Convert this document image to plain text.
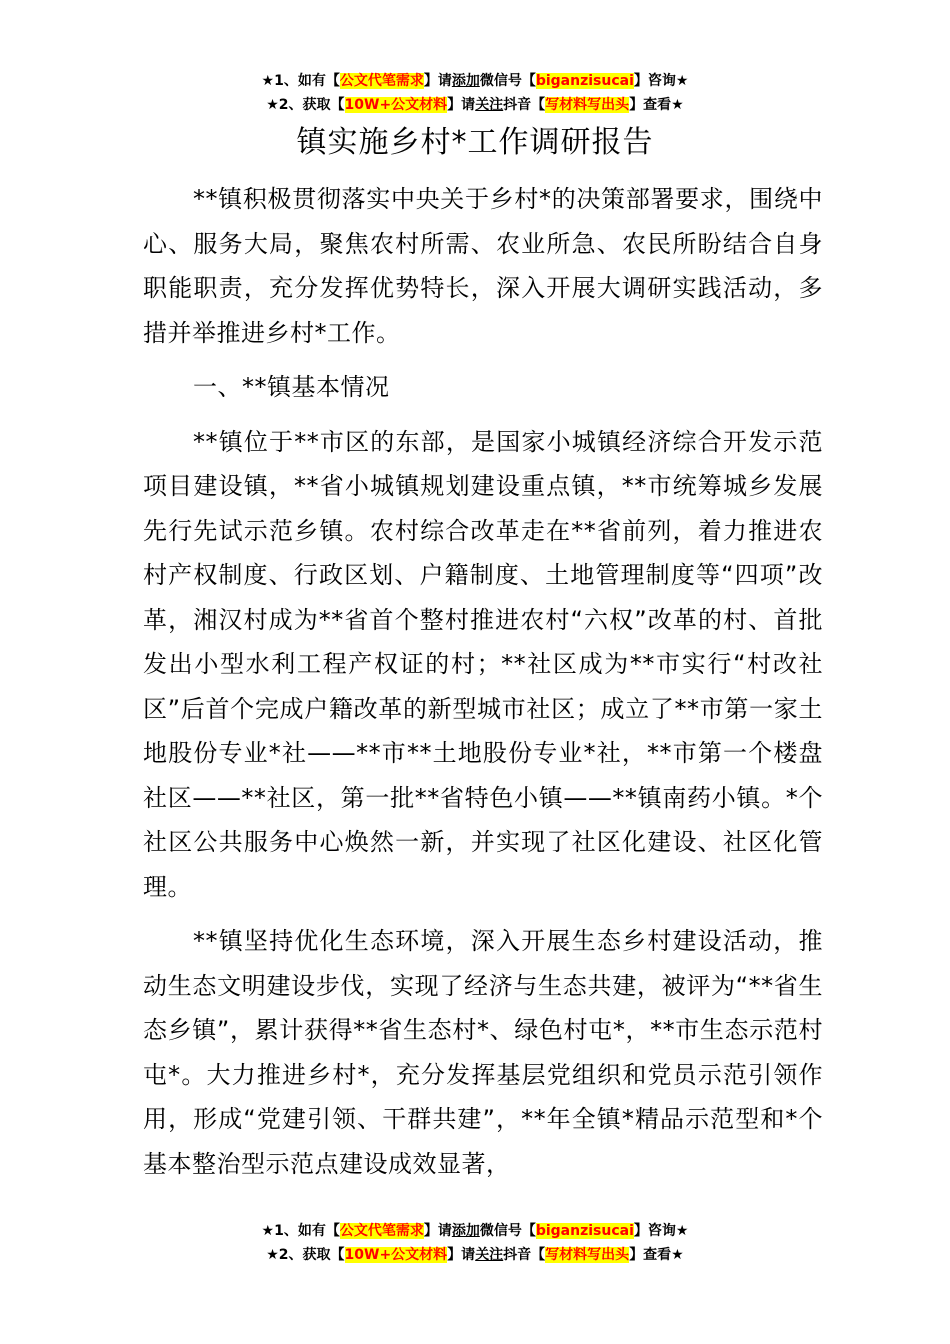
★1、如有【公文代笔需求】请添加微信号【biganzisucai】咨询★
★2、获取【10W+公文材料】请关注抖音【写材料写出头】查看★
镇实施乡村*工作调研报告

**镇积极贯彻落实中央关于乡村*的决策部署要求，围绕中心、服务大局，聚焦农村所需、农业所急、农民所盼结合自身职能职责，充分发挥优势特长，深入开展大调研实践活动，多措并举推进乡村*工作。

一、**镇基本情况

**镇位于**市区的东部，是国家小城镇经济综合开发示范项目建设镇，**省小城镇规划建设重点镇，**市统筹城乡发展先行先试示范乡镇。农村综合改革走在**省前列，着力推进农村产权制度、行政区划、户籍制度、土地管理制度等“四项”改革，湘汉村成为**省首个整村推进农村“六权”改革的村、首批发出小型水利工程产权证的村；**社区成为**市实行“村改社区”后首个完成户籍改革的新型城市社区；成立了**市第一家土地股份专业*社——**市**土地股份专业*社，**市第一个楼盘社区——**社区，第一批**省特色小镇——**镇南药小镇。*个社区公共服务中心焕然一新，并实现了社区化建设、社区化管理。

**镇坚持优化生态环境，深入开展生态乡村建设活动，推动生态文明建设步伐，实现了经济与生态共建，被评为“**省生态乡镇”，累计获得**省生态村*、绿色村屯*，**市生态示范村屯*。大力推进乡村*，充分发挥基层党组织和党员示范引领作用，形成“党建引领、干群共建”，**年全镇*精品示范型和*个基本整治型示范点建设成效显著，

★1、如有【公文代笔需求】请添加微信号【biganzisucai】咨询★
★2、获取【10W+公文材料】请关注抖音【写材料写出头】查看★
